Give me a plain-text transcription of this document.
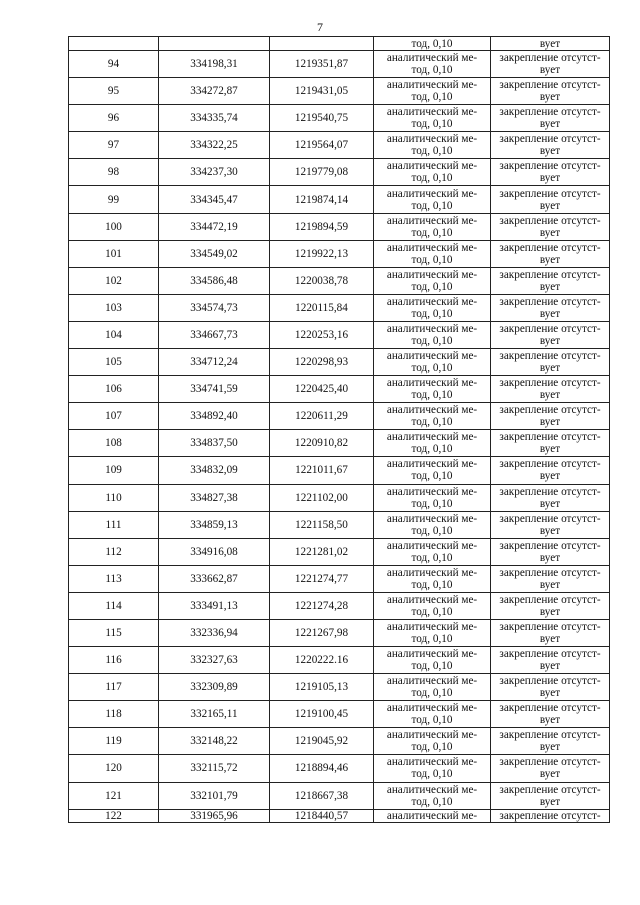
7
			тод, 0,10	вует
94	334198,31	1219351,87	аналитический ме-
тод, 0,10	закрепление отсутст-
вует

95	334272,87	1219431,05	аналитический ме-
тод, 0,10	закрепление отсутст-
вует

96	334335,74	1219540,75	аналитический ме-
тод, 0,10	закрепление отсутст-
вует

97	334322,25	1219564,07	аналитический ме-
тод, 0,10	закрепление отсутст-
вует

98	334237,30	1219779,08	аналитический ме-
тод, 0,10	закрепление отсутст-
вует

99	334345,47	1219874,14	аналитический ме-
тод, 0,10	закрепление отсутст-
вует

100	334472,19	1219894,59	аналитический ме-
тод, 0,10	закрепление отсутст-
вует

101	334549,02	1219922,13	аналитический ме-
тод, 0,10	закрепление отсутст-
вует

102	334586,48	1220038,78	аналитический ме-
тод, 0,10	закрепление отсутст-
вует

103	334574,73	1220115,84	аналитический ме-
тод, 0,10	закрепление отсутст-
вует

104	334667,73	1220253,16	аналитический ме-
тод, 0,10	закрепление отсутст-
вует

105	334712,24	1220298,93	аналитический ме-
тод, 0,10	закрепление отсутст-
вует

106	334741,59	1220425,40	аналитический ме-
тод, 0,10	закрепление отсутст-
вует

107	334892,40	1220611,29	аналитический ме-
тод, 0,10	закрепление отсутст-
вует

108	334837,50	1220910,82	аналитический ме-
тод, 0,10	закрепление отсутст-
вует

109	334832,09	1221011,67	аналитический ме-
тод, 0,10	закрепление отсутст-
вует

110	334827,38	1221102,00	аналитический ме-
тод, 0,10	закрепление отсутст-
вует

111	334859,13	1221158,50	аналитический ме-
тод, 0,10	закрепление отсутст-
вует

112	334916,08	1221281,02	аналитический ме-
тод, 0,10	закрепление отсутст-
вует

113	333662,87	1221274,77	аналитический ме-
тод, 0,10	закрепление отсутст-
вует

114	333491,13	1221274,28	аналитический ме-
тод, 0,10	закрепление отсутст-
вует

115	332336,94	1221267,98	аналитический ме-
тод, 0,10	закрепление отсутст-
вует

116	332327,63	1220222.16	аналитический ме-
тод, 0,10	закрепление отсутст-
вует

117	332309,89	1219105,13	аналитический ме-
тод, 0,10	закрепление отсутст-
вует

118	332165,11	1219100,45	аналитический ме-
тод, 0,10	закрепление отсутст-
вует

119	332148,22	1219045,92	аналитический ме-
тод, 0,10	закрепление отсутст-
вует

120	332115,72	1218894,46	аналитический ме-
тод, 0,10	закрепление отсутст-
вует

121	332101,79	1218667,38	аналитический ме-
тод, 0,10	закрепление отсутст-
вует

122	331965,96	1218440,57	аналитический ме-	закрепление отсутст-
